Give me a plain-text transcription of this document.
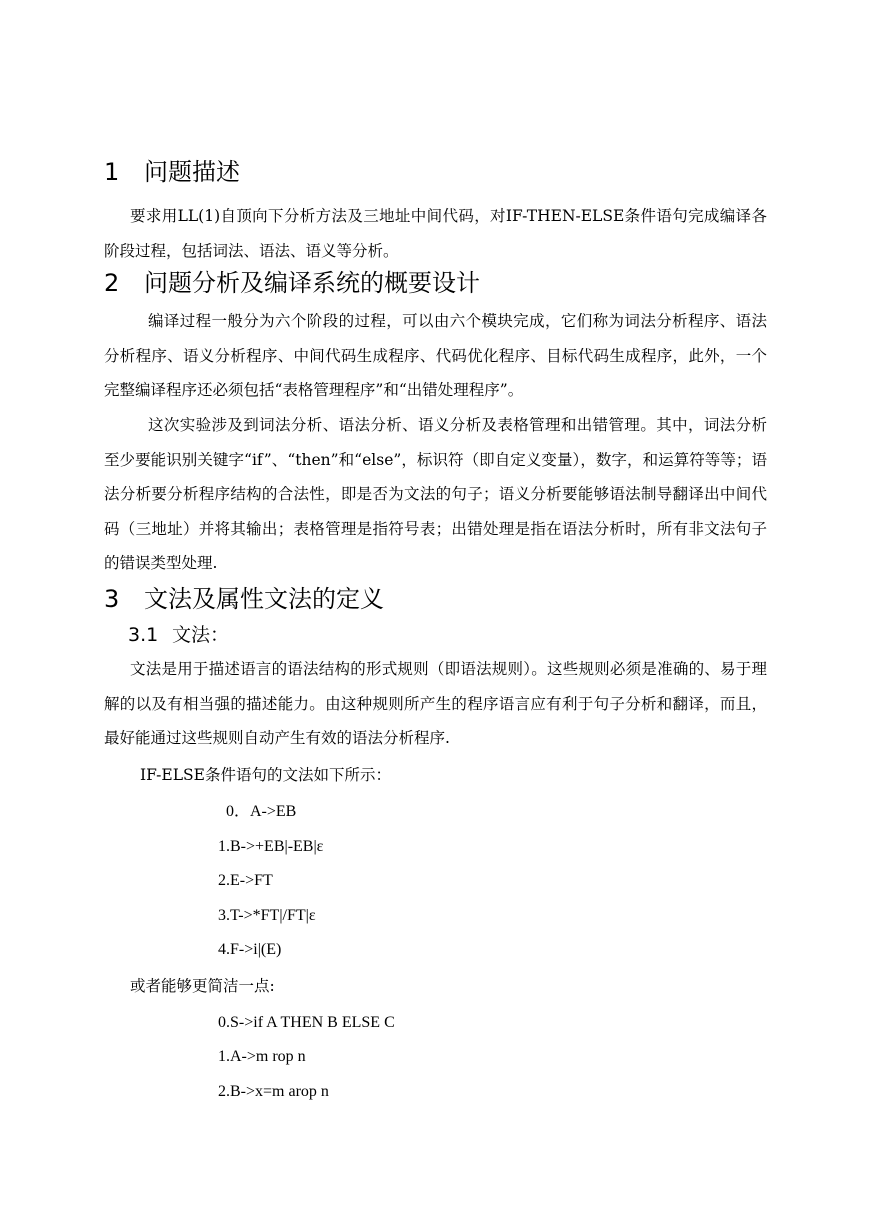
1 问题描述

要求用LL(1)自顶向下分析方法及三地址中间代码，对IF-THEN-ELSE条件语句完成编译各阶段过程，包括词法、语法、语义等分析。

2 问题分析及编译系统的概要设计

编译过程一般分为六个阶段的过程，可以由六个模块完成，它们称为词法分析程序、语法分析程序、语义分析程序、中间代码生成程序、代码优化程序、目标代码生成程序，此外，一个完整编译程序还必须包括“表格管理程序”和“出错处理程序”。

这次实验涉及到词法分析、语法分析、语义分析及表格管理和出错管理。其中，词法分析至少要能识别关键字“if”、“then”和“else”，标识符（即自定义变量），数字，和运算符等等；语法分析要分析程序结构的合法性，即是否为文法的句子；语义分析要能够语法制导翻译出中间代码（三地址）并将其输出；表格管理是指符号表；出错处理是指在语法分析时，所有非文法句子的错误类型处理.

3 文法及属性文法的定义
3.1 文法：

文法是用于描述语言的语法结构的形式规则（即语法规则）。这些规则必须是准确的、易于理解的以及有相当强的描述能力。由这种规则所产生的程序语言应有利于句子分析和翻译，而且，最好能通过这些规则自动产生有效的语法分析程序.

IF-ELSE条件语句的文法如下所示：
0．A->EB
1.B->+EB|-EB|ε
2.E->FT
3.T->*FT|/FT|ε
4.F->i|(E)
或者能够更简洁一点:
0.S->if A THEN B ELSE C
1.A->m rop n
2.B->x=m arop n
